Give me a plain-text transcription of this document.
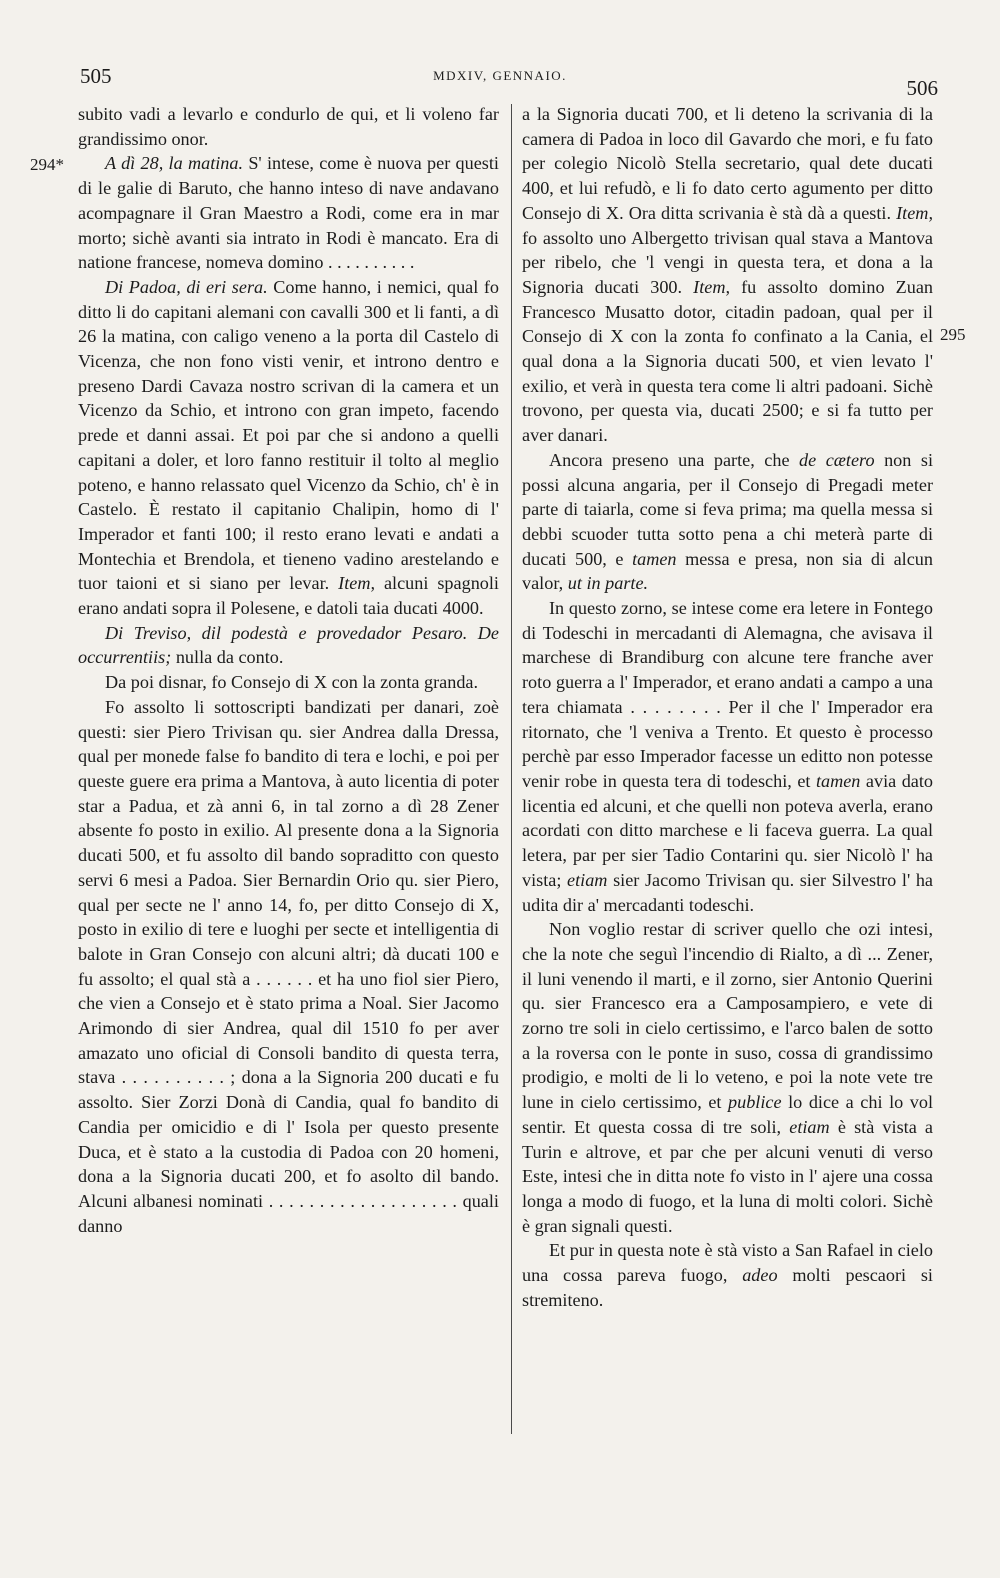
505	MDXIV, GENNAIO.
506
294*
295

subito vadi a levarlo e condurlo de qui, et li voleno far grandissimo onor.

A dì 28, la matina. S' intese, come è nuova per questi di le galie di Baruto, che hanno inteso di nave andavano acompagnare il Gran Maestro a Rodi, come era in mar morto; sichè avanti sia intrato in Rodi è mancato. Era di natione francese, nomeva domino . . . . . . . . . .

Di Padoa, di eri sera. Come hanno, i nemici, qual fo ditto li do capitani alemani con cavalli 300 et li fanti, a dì 26 la matina, con caligo veneno a la porta dil Castelo di Vicenza, che non fono visti venir, et introno dentro e preseno Dardi Cavaza nostro scrivan di la camera et un Vicenzo da Schio, et introno con gran impeto, facendo prede et danni assai. Et poi par che si andono a quelli capitani a doler, et loro fanno restituir il tolto al meglio poteno, e hanno relassato quel Vicenzo da Schio, ch' è in Castelo. È restato il capitanio Chalipin, homo di l' Imperador et fanti 100; il resto erano levati e andati a Montechia et Brendola, et tieneno vadino arestelando e tuor taioni et si siano per levar. Item, alcuni spagnoli erano andati sopra il Polesene, e datoli taia ducati 4000.

Di Treviso, dil podestà e provedador Pesaro. De occurrentiis; nulla da conto.

Da poi disnar, fo Consejo di X con la zonta granda.

Fo assolto li sottoscripti bandizati per danari, zoè questi: sier Piero Trivisan qu. sier Andrea dalla Dressa, qual per monede false fo bandito di tera e lochi, e poi per queste guere era prima a Mantova, à auto licentia di poter star a Padua, et zà anni 6, in tal zorno a dì 28 Zener absente fo posto in exilio. Al presente dona a la Signoria ducati 500, et fu assolto dil bando sopraditto con questo servi 6 mesi a Padoa. Sier Bernardin Orio qu. sier Piero, qual per secte ne l' anno 14, fo, per ditto Consejo di X, posto in exilio di tere e luoghi per secte et intelligentia di balote in Gran Consejo con alcuni altri; dà ducati 100 e fu assolto; el qual stà a . . . . . . et ha uno fiol sier Piero, che vien a Consejo et è stato prima a Noal. Sier Jacomo Arimondo di sier Andrea, qual dil 1510 fo per aver amazato uno oficial di Consoli bandito di questa terra, stava . . . . . . . . . . ; dona a la Signoria 200 ducati e fu assolto. Sier Zorzi Donà di Candia, qual fo bandito di Candia per omicidio e di l' Isola per questo presente Duca, et è stato a la custodia di Padoa con 20 homeni, dona a la Signoria ducati 200, et fo asolto dil bando. Alcuni albanesi nominati . . . . . . . . . . . . . . . . . . . quali danno

a la Signoria ducati 700, et li deteno la scrivania di la camera di Padoa in loco dil Gavardo che mori, e fu fato per colegio Nicolò Stella secretario, qual dete ducati 400, et lui refudò, e li fo dato certo agumento per ditto Consejo di X. Ora ditta scrivania è stà dà a questi. Item, fo assolto uno Albergetto trivisan qual stava a Mantova per ribelo, che 'l vengi in questa tera, et dona a la Signoria ducati 300. Item, fu assolto domino Zuan Francesco Musatto dotor, citadin padoan, qual per il Consejo di X con la zonta fo confinato a la Cania, el qual dona a la Signoria ducati 500, et vien levato l' exilio, et verà in questa tera come li altri padoani. Sichè trovono, per questa via, ducati 2500; e si fa tutto per aver danari.

Ancora preseno una parte, che de cætero non si possi alcuna angaria, per il Consejo di Pregadi meter parte di taiarla, come si feva prima; ma quella messa si debbi scuoder tutta sotto pena a chi meterà parte di ducati 500, e tamen messa e presa, non sia di alcun valor, ut in parte.

In questo zorno, se intese come era letere in Fontego di Todeschi in mercadanti di Alemagna, che avisava il marchese di Brandiburg con alcune tere franche aver roto guerra a l' Imperador, et erano andati a campo a una tera chiamata . . . . . . . . Per il che l' Imperador era ritornato, che 'l veniva a Trento. Et questo è processo perchè par esso Imperador facesse un editto non potesse venir robe in questa tera di todeschi, et tamen avia dato licentia ed alcuni, et che quelli non poteva averla, erano acordati con ditto marchese e li faceva guerra. La qual letera, par per sier Tadio Contarini qu. sier Nicolò l' ha vista; etiam sier Jacomo Trivisan qu. sier Silvestro l' ha udita dir a' mercadanti todeschi.

Non voglio restar di scriver quello che ozi intesi, che la note che seguì l'incendio di Rialto, a dì ... Zener, il luni venendo il marti, e il zorno, sier Antonio Querini qu. sier Francesco era a Camposampiero, e vete di zorno tre soli in cielo certissimo, e l'arco balen de sotto a la roversa con le ponte in suso, cossa di grandissimo prodigio, e molti de li lo veteno, e poi la note vete tre lune in cielo certissimo, et publice lo dice a chi lo vol sentir. Et questa cossa di tre soli, etiam è stà vista a Turin e altrove, et par che per alcuni venuti di verso Este, intesi che in ditta note fo visto in l' ajere una cossa longa a modo di fuogo, et la luna di molti colori. Sichè è gran signali questi.

Et pur in questa note è stà visto a San Rafael in cielo una cossa pareva fuogo, adeo molti pescaori si stremiteno.
